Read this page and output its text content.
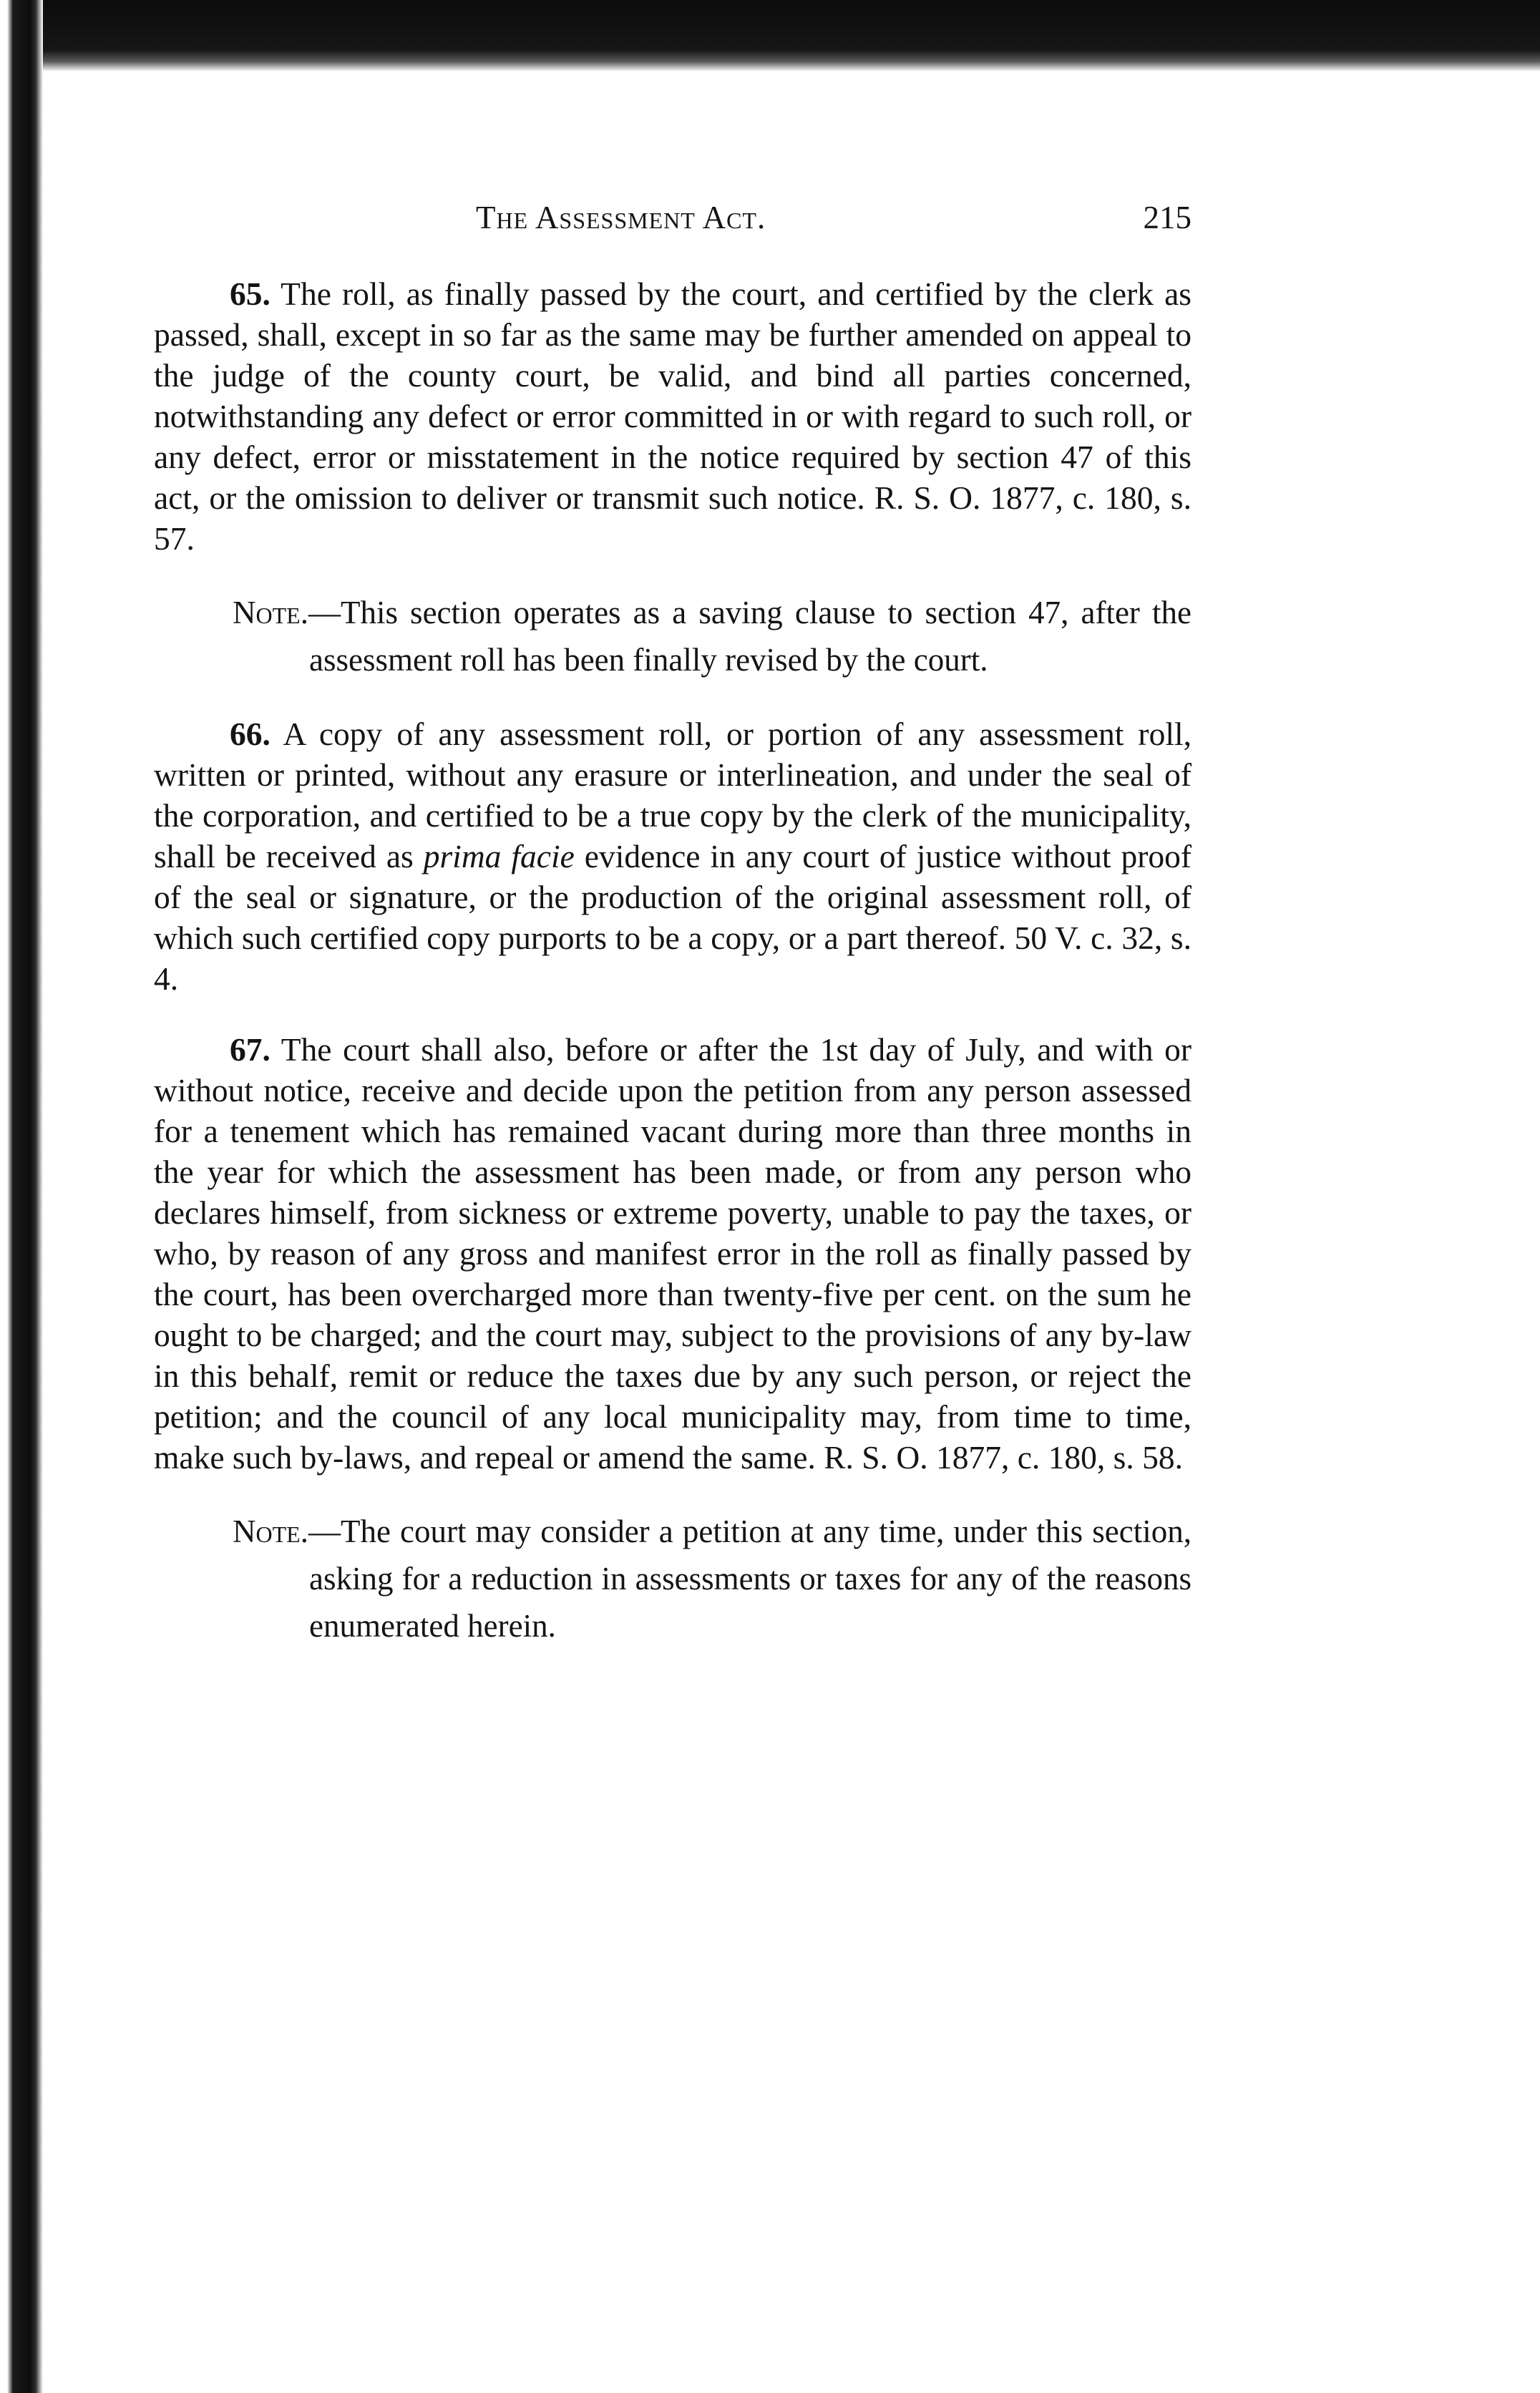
The Assessment Act.	215

65. The roll, as finally passed by the court, and certified by the clerk as passed, shall, except in so far as the same may be further amended on appeal to the judge of the county court, be valid, and bind all parties concerned, notwithstanding any defect or error committed in or with regard to such roll, or any defect, error or misstatement in the notice required by section 47 of this act, or the omission to deliver or transmit such notice. R. S. O. 1877, c. 180, s. 57.

Note.—This section operates as a saving clause to section 47, after the assessment roll has been finally revised by the court.

66. A copy of any assessment roll, or portion of any assessment roll, written or printed, without any erasure or interlineation, and under the seal of the corporation, and certified to be a true copy by the clerk of the municipality, shall be received as prima facie evidence in any court of justice without proof of the seal or signature, or the production of the original assessment roll, of which such certified copy purports to be a copy, or a part thereof. 50 V. c. 32, s. 4.

67. The court shall also, before or after the 1st day of July, and with or without notice, receive and decide upon the petition from any person assessed for a tenement which has remained vacant during more than three months in the year for which the assessment has been made, or from any person who declares himself, from sickness or extreme poverty, unable to pay the taxes, or who, by reason of any gross and manifest error in the roll as finally passed by the court, has been overcharged more than twenty-five per cent. on the sum he ought to be charged; and the court may, subject to the provisions of any by-law in this behalf, remit or reduce the taxes due by any such person, or reject the petition; and the council of any local municipality may, from time to time, make such by-laws, and repeal or amend the same. R. S. O. 1877, c. 180, s. 58.

Note.—The court may consider a petition at any time, under this section, asking for a reduction in assessments or taxes for any of the reasons enumerated herein.
